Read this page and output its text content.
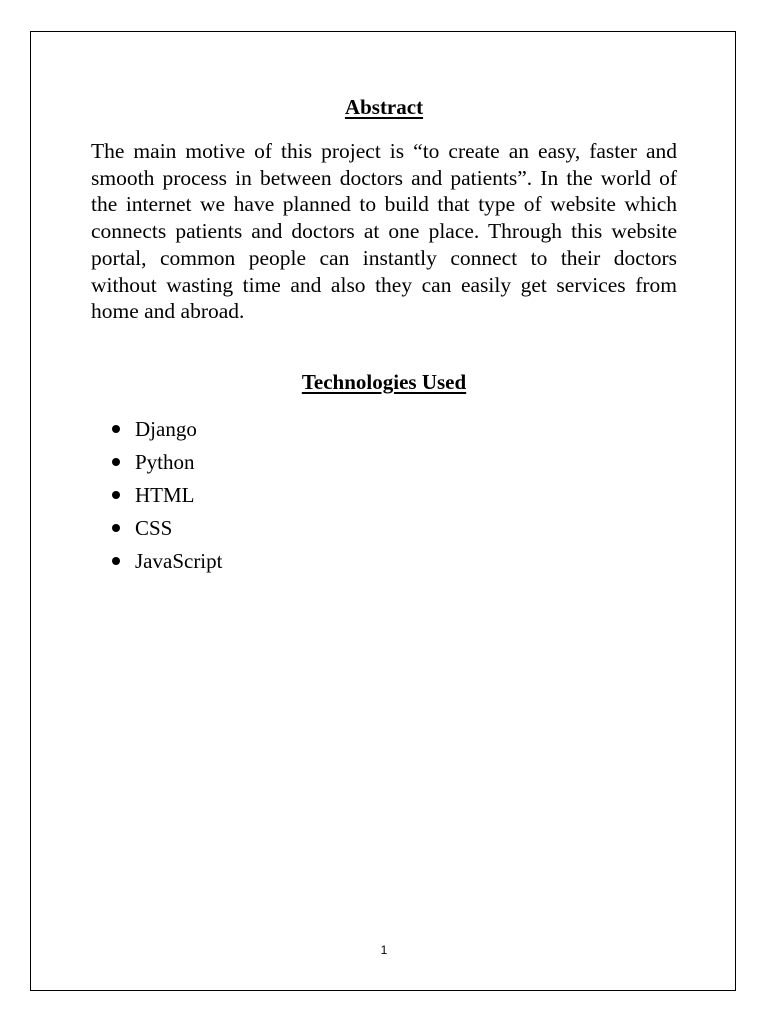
Abstract

The main motive of this project is “to create an easy, faster and smooth process in between doctors and patients”. In the world of the internet we have planned to build that type of website which connects patients and doctors at one place. Through this website portal, common people can instantly connect to their doctors without wasting time and also they can easily get services from home and abroad.

Technologies Used
Django
Python
HTML
CSS
JavaScript
1
